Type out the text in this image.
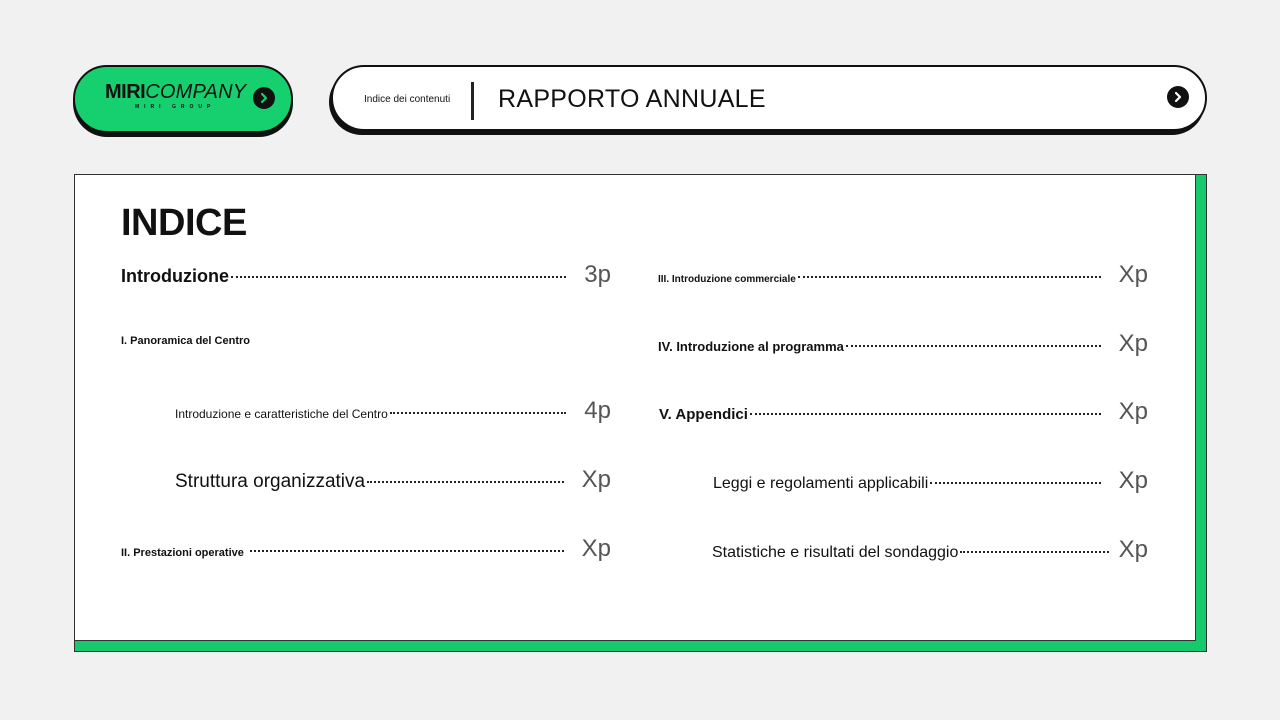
MIRI COMPANY
MIRI GROUP
Indice dei contenuti RAPPORTO ANNUALE
INDICE
Introduzione	3p
I. Panoramica del Centro
Introduzione e caratteristiche del Centro	4p
Struttura organizzativa	Xp
II. Prestazioni operative	Xp
III. Introduzione commerciale	Xp
IV. Introduzione al programma	Xp
V. Appendici	Xp
Leggi e regolamenti applicabili	Xp
Statistiche e risultati del sondaggio	Xp
